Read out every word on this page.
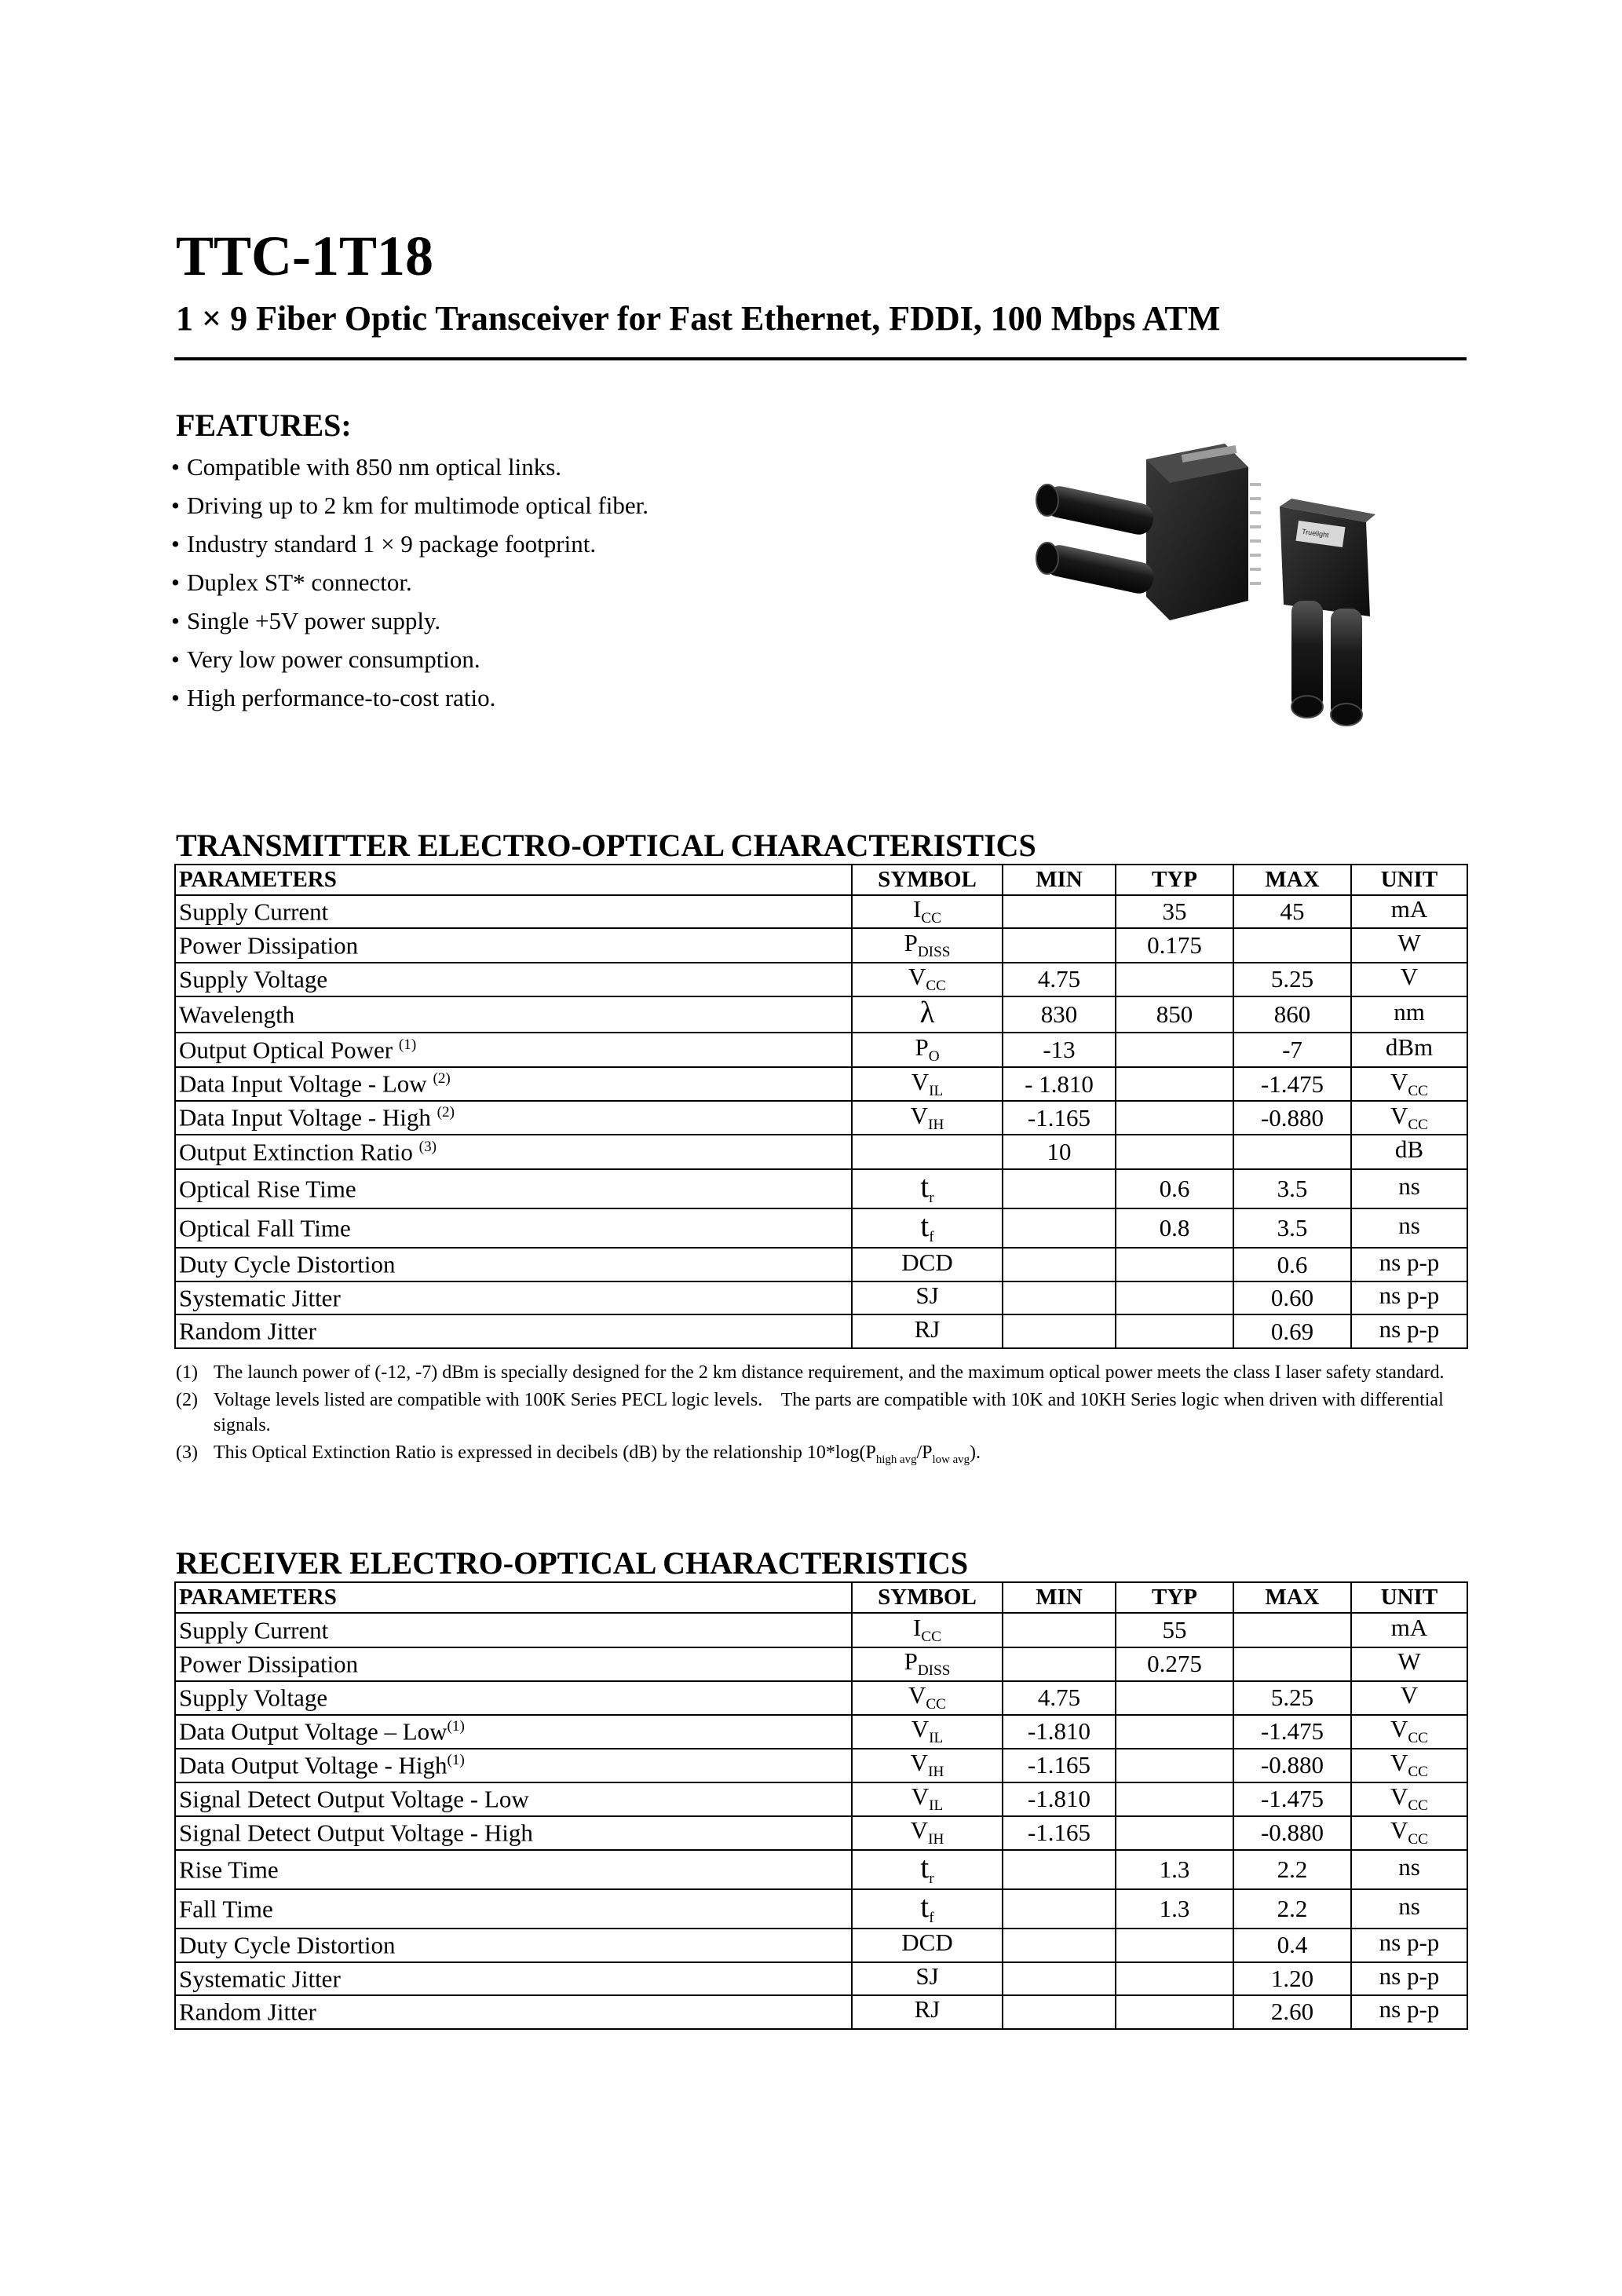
TTC-1T18
1 × 9 Fiber Optic Transceiver for Fast Ethernet, FDDI, 100 Mbps ATM
FEATURES:
• Compatible with 850 nm optical links.
• Driving up to 2 km for multimode optical fiber.
• Industry standard 1 × 9 package footprint.
• Duplex ST* connector.
• Single +5V power supply.
• Very low power consumption.
• High performance-to-cost ratio.
Truelight
TRANSMITTER ELECTRO-OPTICAL CHARACTERISTICS
PARAMETERS	SYMBOL	MIN	TYP	MAX	UNIT
Supply Current	$I_{CC}$		35	45	mA
Power Dissipation	$P_{DISS}$		0.175		W
Supply Voltage	$V_{CC}$	4.75		5.25	V
Wavelength	λ	830	850	860	nm
Output Optical Power $^{(1)}$	$P_O$	-13		-7	dBm
Data Input Voltage - Low $^{(2)}$	$V_{IL}$	- 1.810		-1.475	$V_{CC}$
Data Input Voltage - High $^{(2)}$	$V_{IH}$	-1.165		-0.880	$V_{CC}$
Output Extinction Ratio $^{(3)}$		10			dB
Optical Rise Time	$t_r$		0.6	3.5	ns
Optical Fall Time	$t_f$		0.8	3.5	ns
Duty Cycle Distortion	DCD			0.6	ns p-p
Systematic Jitter	SJ			0.60	ns p-p
Random Jitter	RJ			0.69	ns p-p
(1) The launch power of (-12, -7) dBm is specially designed for the 2 km distance requirement, and the maximum optical power meets the class I laser safety standard.
(2) Voltage levels listed are compatible with 100K Series PECL logic levels.    The parts are compatible with 10K and 10KH Series logic when driven with differential signals.
(3) This Optical Extinction Ratio is expressed in decibels (dB) by the relationship $10*\log(P_{high avg}/P_{low avg})$.
RECEIVER ELECTRO-OPTICAL CHARACTERISTICS
PARAMETERS	SYMBOL	MIN	TYP	MAX	UNIT
Supply Current	$I_{CC}$		55		mA
Power Dissipation	$P_{DISS}$		0.275		W
Supply Voltage	$V_{CC}$	4.75		5.25	V
Data Output Voltage – Low$^{(1)}$	$V_{IL}$	-1.810		-1.475	$V_{CC}$
Data Output Voltage - High$^{(1)}$	$V_{IH}$	-1.165		-0.880	$V_{CC}$
Signal Detect Output Voltage - Low	$V_{IL}$	-1.810		-1.475	$V_{CC}$
Signal Detect Output Voltage - High	$V_{IH}$	-1.165		-0.880	$V_{CC}$
Rise Time	$t_r$		1.3	2.2	ns
Fall Time	$t_f$		1.3	2.2	ns
Duty Cycle Distortion	DCD			0.4	ns p-p
Systematic Jitter	SJ			1.20	ns p-p
Random Jitter	RJ			2.60	ns p-p
